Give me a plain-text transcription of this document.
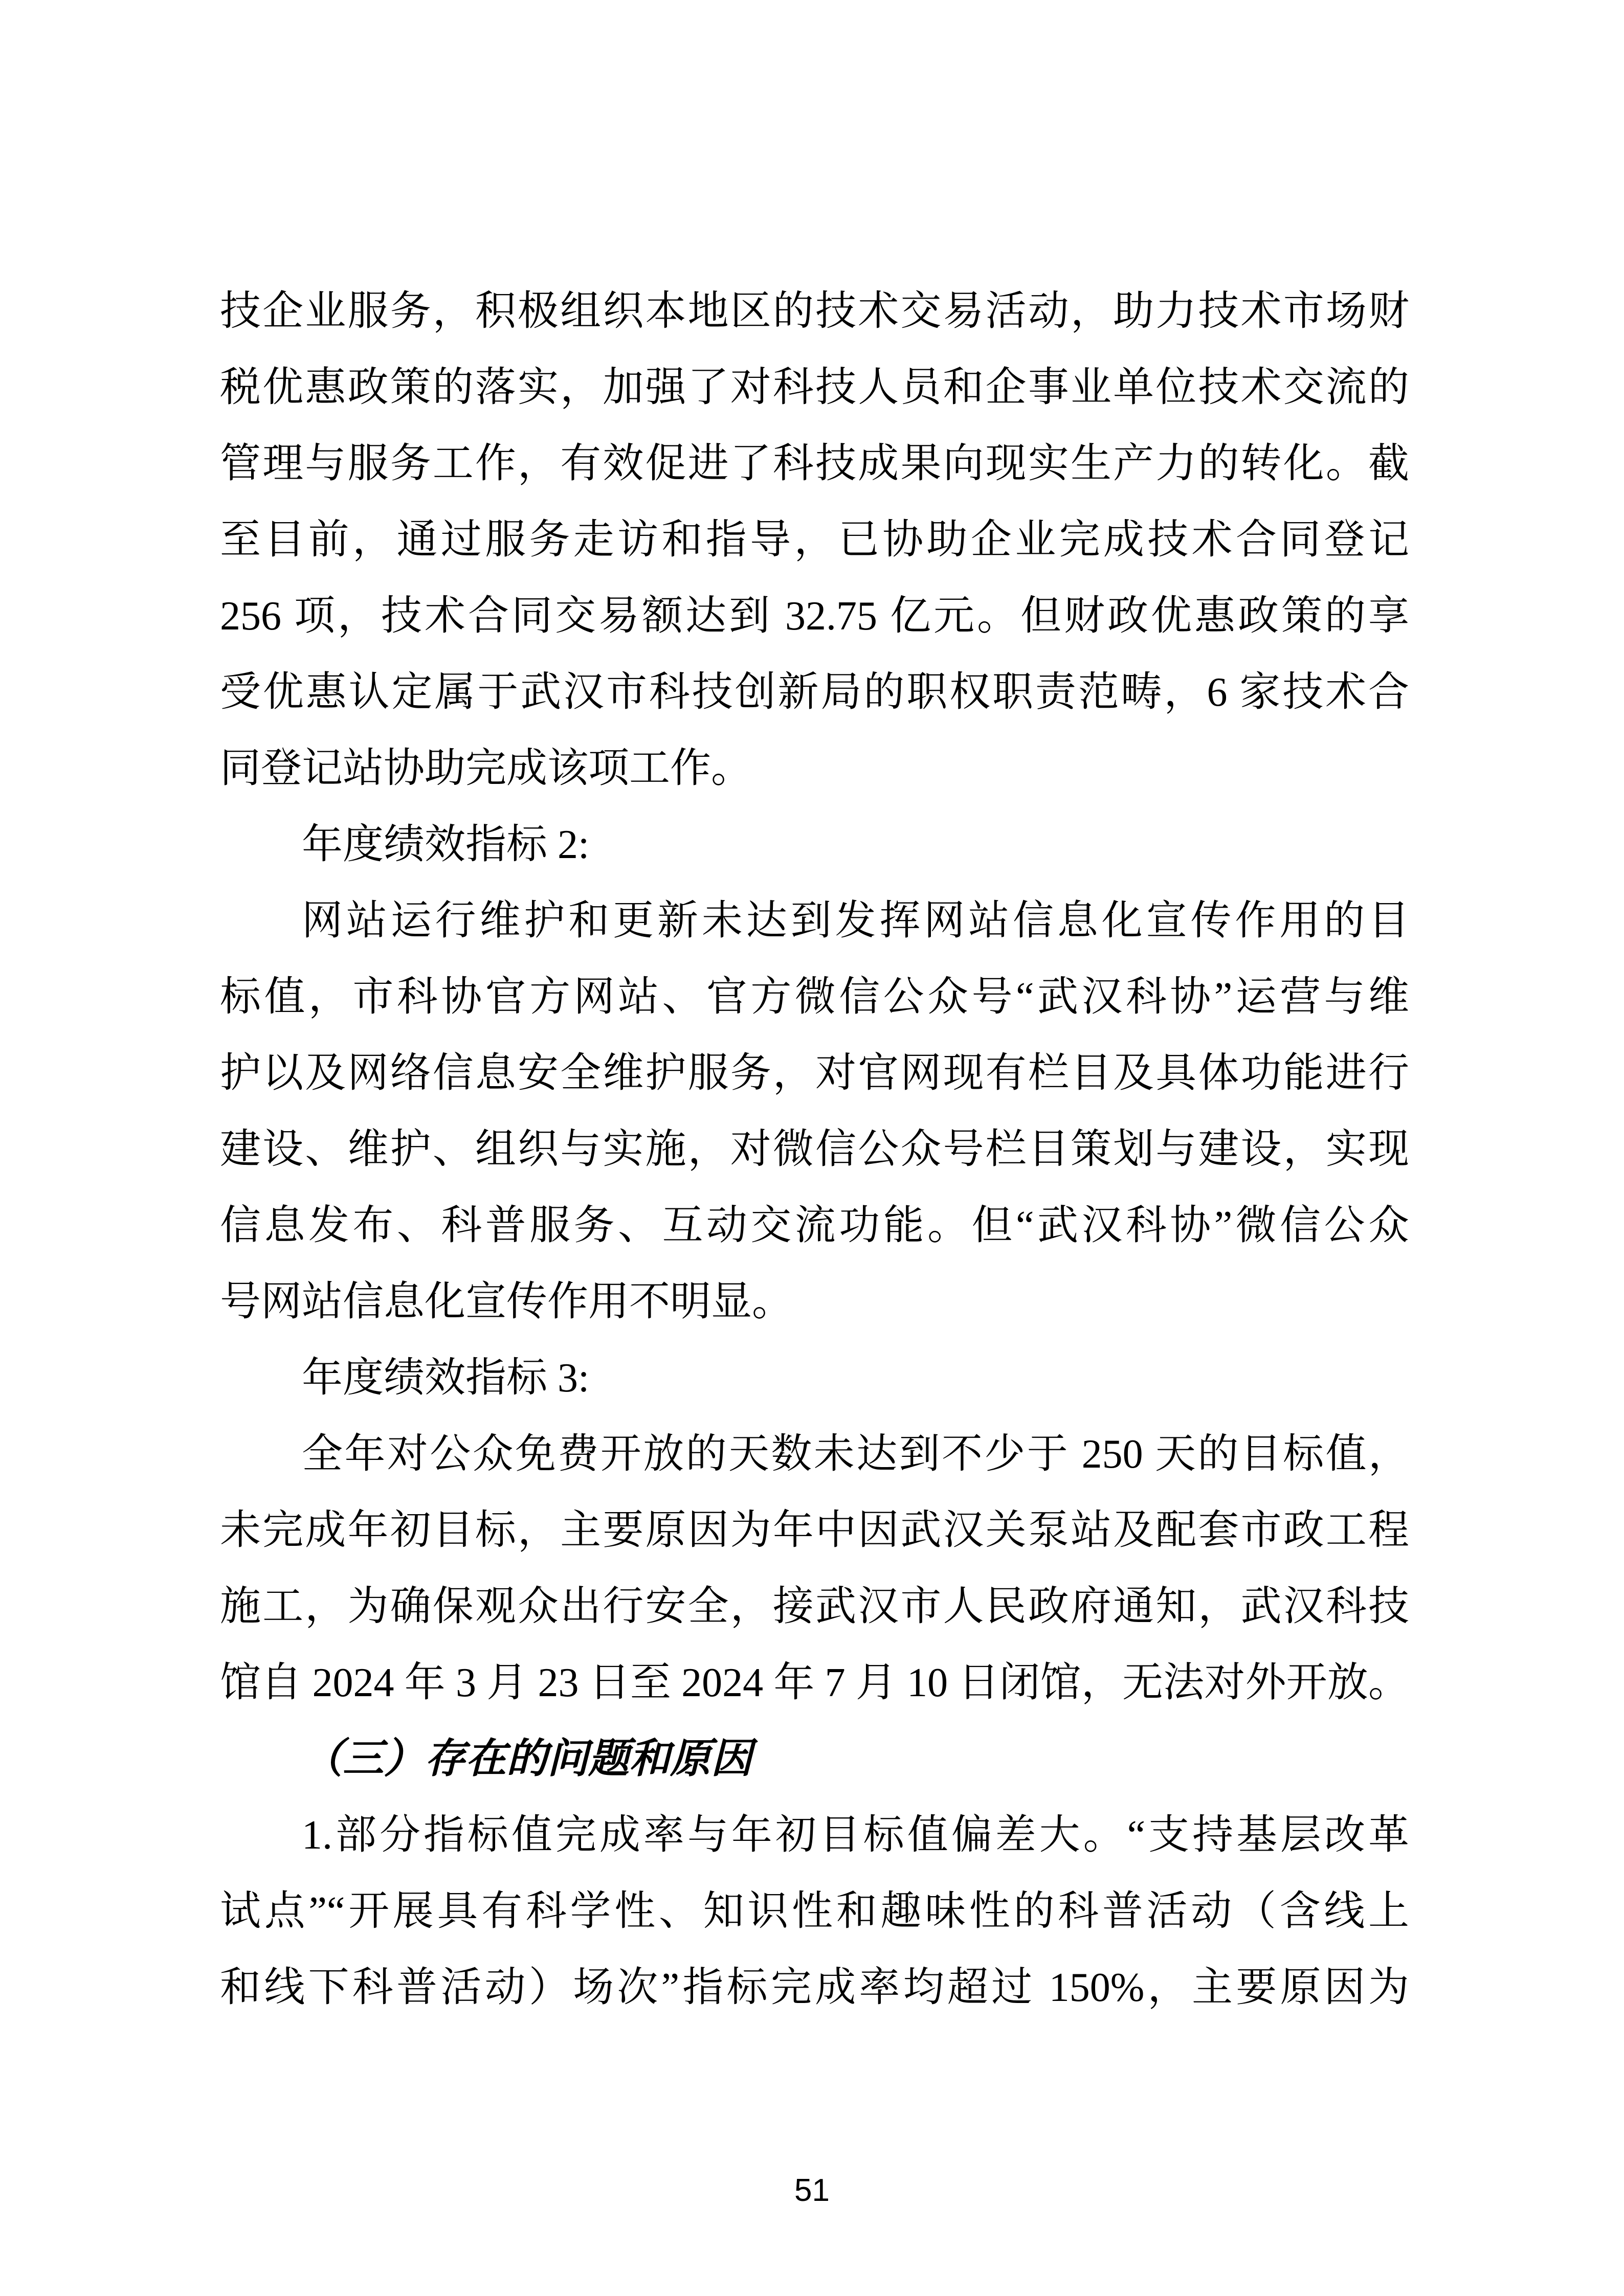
技企业服务，积极组织本地区的技术交易活动，助力技术市场财
税优惠政策的落实，加强了对科技人员和企事业单位技术交流的
管理与服务工作，有效促进了科技成果向现实生产力的转化。截
至目前，通过服务走访和指导，已协助企业完成技术合同登记
256 项，技术合同交易额达到 32.75 亿元。但财政优惠政策的享
受优惠认定属于武汉市科技创新局的职权职责范畴，6 家技术合
同登记站协助完成该项工作。
年度绩效指标 2:
网站运行维护和更新未达到发挥网站信息化宣传作用的目
标值，市科协官方网站、官方微信公众号“武汉科协”运营与维
护以及网络信息安全维护服务，对官网现有栏目及具体功能进行
建设、维护、组织与实施，对微信公众号栏目策划与建设，实现
信息发布、科普服务、互动交流功能。但“武汉科协”微信公众
号网站信息化宣传作用不明显。
年度绩效指标 3:
全年对公众免费开放的天数未达到不少于 250 天的目标值，
未完成年初目标，主要原因为年中因武汉关泵站及配套市政工程
施工，为确保观众出行安全，接武汉市人民政府通知，武汉科技
馆自 2024 年 3 月 23 日至 2024 年 7 月 10 日闭馆，无法对外开放。
（三）存在的问题和原因
1.部分指标值完成率与年初目标值偏差大。“支持基层改革
试点”“开展具有科学性、知识性和趣味性的科普活动（含线上
和线下科普活动）场次”指标完成率均超过 150%，主要原因为
51
